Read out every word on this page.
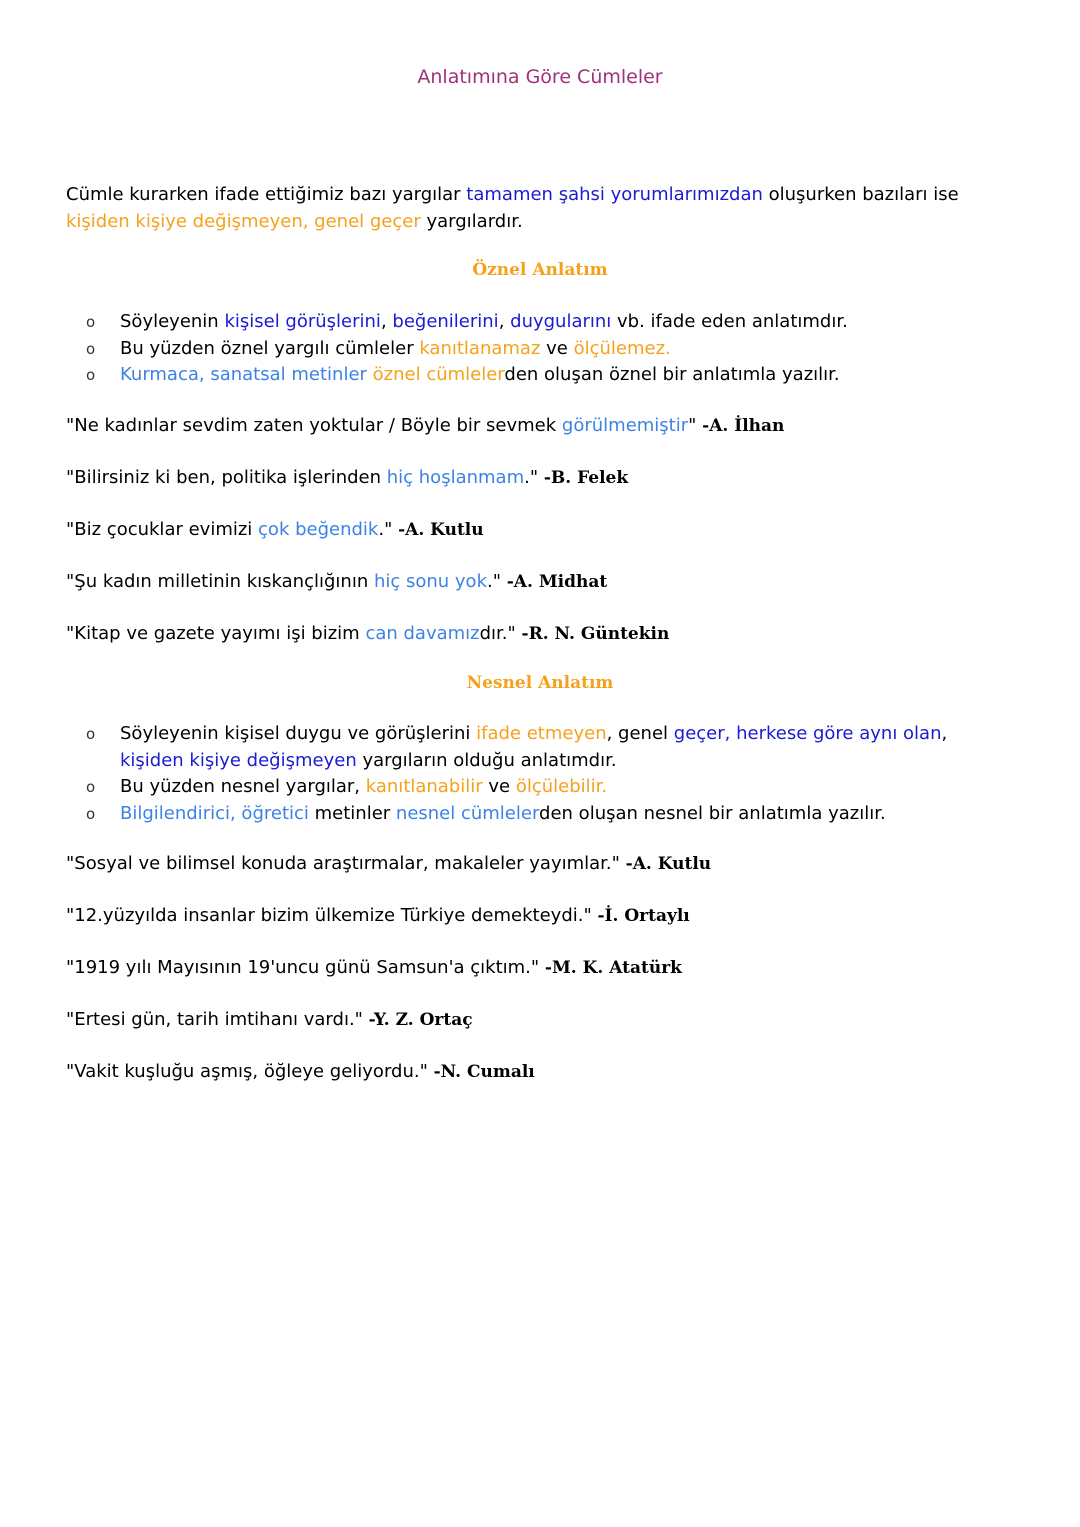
Anlatımına Göre Cümleler

Cümle kurarken ifade ettiğimiz bazı yargılar tamamen şahsi yorumlarımızdan oluşurken bazıları ise kişiden kişiye değişmeyen, genel geçer yargılardır.

Öznel Anlatım
o Söyleyenin kişisel görüşlerini, beğenilerini, duygularını vb. ifade eden anlatımdır.
o Bu yüzden öznel yargılı cümleler kanıtlanamaz ve ölçülemez.
o Kurmaca, sanatsal metinler öznel cümlelerden oluşan öznel bir anlatımla yazılır.
"Ne kadınlar sevdim zaten yoktular / Böyle bir sevmek görülmemiştir" -A. İlhan
"Bilirsiniz ki ben, politika işlerinden hiç hoşlanmam." -B. Felek
"Biz çocuklar evimizi çok beğendik." -A. Kutlu
"Şu kadın milletinin kıskançlığının hiç sonu yok." -A. Midhat
"Kitap ve gazete yayımı işi bizim can davamızdır." -R. N. Güntekin
Nesnel Anlatım
o Söyleyenin kişisel duygu ve görüşlerini ifade etmeyen, genel geçer, herkese göre aynı olan, kişiden kişiye değişmeyen yargıların olduğu anlatımdır.
o Bu yüzden nesnel yargılar, kanıtlanabilir ve ölçülebilir.
o Bilgilendirici, öğretici metinler nesnel cümlelerden oluşan nesnel bir anlatımla yazılır.
"Sosyal ve bilimsel konuda araştırmalar, makaleler yayımlar." -A. Kutlu
"12.yüzyılda insanlar bizim ülkemize Türkiye demekteydi." -İ. Ortaylı
"1919 yılı Mayısının 19'uncu günü Samsun'a çıktım." -M. K. Atatürk
"Ertesi gün, tarih imtihanı vardı." -Y. Z. Ortaç
"Vakit kuşluğu aşmış, öğleye geliyordu." -N. Cumalı
